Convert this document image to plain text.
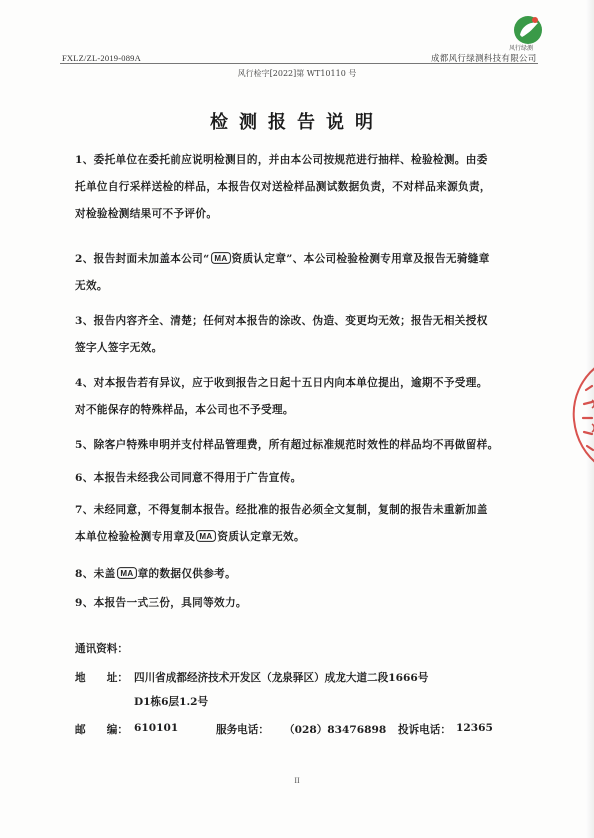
FXLZ/ZL-2019-089A
风行绿测
成都风行绿测科技有限公司
风行检字[2022]第 WT10110 号
检测报告说明
1、委托单位在委托前应说明检测目的，并由本公司按规范进行抽样、检验检测。由委
托单位自行采样送检的样品，本报告仅对送检样品测试数据负责，不对样品来源负责，
对检验检测结果可不予评价。
2、报告封面未加盖本公司“ MA 资质认定章”、本公司检验检测专用章及报告无骑缝章
无效。
3、报告内容齐全、清楚；任何对本报告的涂改、伪造、变更均无效；报告无相关授权
签字人签字无效。
4、对本报告若有异议，应于收到报告之日起十五日内向本单位提出，逾期不予受理。
对不能保存的特殊样品，本公司也不予受理。
5、除客户特殊申明并支付样品管理费，所有超过标准规范时效性的样品均不再做留样。
6、本报告未经我公司同意不得用于广告宣传。
7、未经同意，不得复制本报告。经批准的报告必须全文复制，复制的报告未重新加盖
本单位检验检测专用章及 MA 资质认定章无效。
8、未盖 MA 章的数据仅供参考。
9、本报告一式三份，具同等效力。
通讯资料：
地　　址： 四川省成都经济技术开发区（龙泉驿区）成龙大道二段1666号
D1栋6层1.2号
邮　　编： 610101	服务电话： （028）83476898 投诉电话： 12365
II
